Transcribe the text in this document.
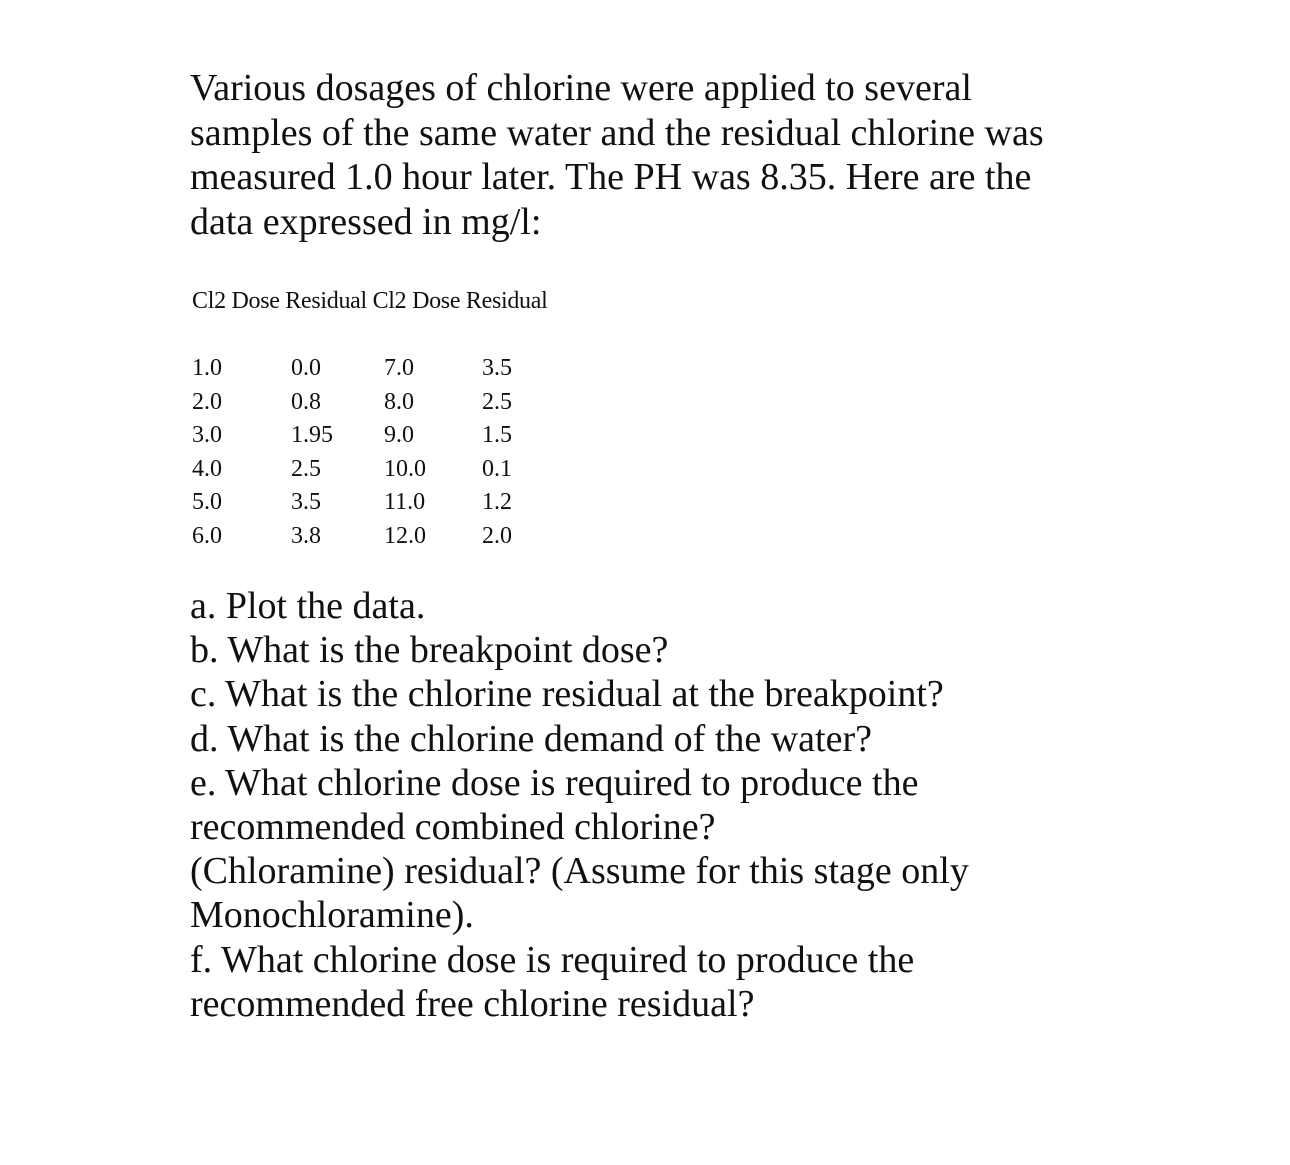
Various dosages of chlorine were applied to several
samples of the same water and the residual chlorine was
measured 1.0 hour later. The PH was 8.35. Here are the
data expressed in mg/l:
Cl2 Dose Residual Cl2 Dose Residual
1.0	0.0	7.0	3.5
2.0	0.8	8.0	2.5
3.0	1.95	9.0	1.5
4.0	2.5	10.0	0.1
5.0	3.5	11.0	1.2
6.0	3.8	12.0	2.0
a. Plot the data.
b. What is the breakpoint dose?
c. What is the chlorine residual at the breakpoint?
d. What is the chlorine demand of the water?
e. What chlorine dose is required to produce the
recommended combined chlorine?
(Chloramine) residual? (Assume for this stage only
Monochloramine).
f. What chlorine dose is required to produce the
recommended free chlorine residual?
